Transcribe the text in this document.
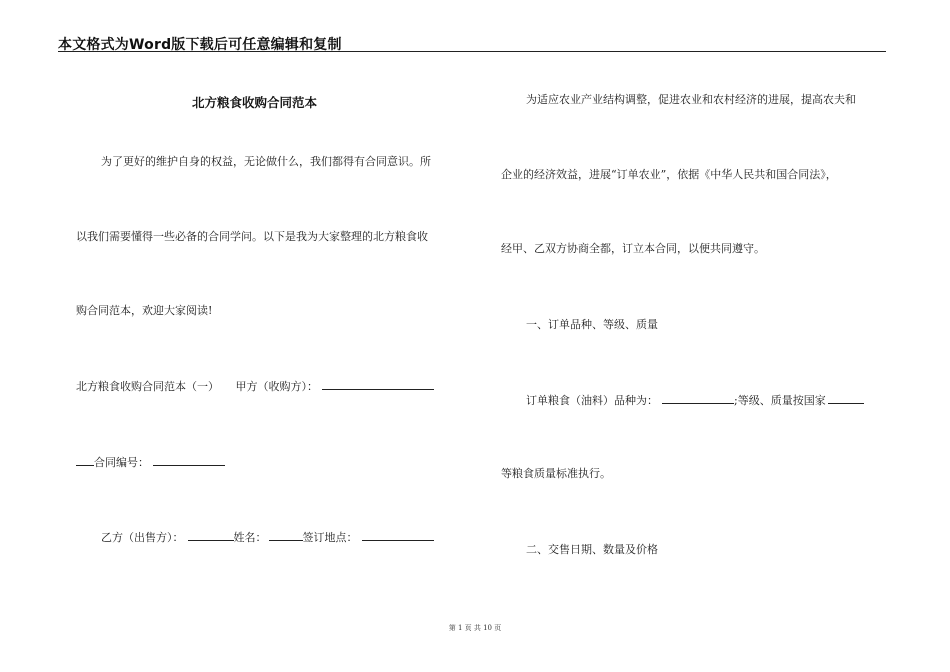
本文格式为Word版下载后可任意编辑和复制
北方粮食收购合同范本
为了更好的维护自身的权益，无论做什么，我们都得有合同意识。所
以我们需要懂得一些必备的合同学问。以下是我为大家整理的北方粮食收
购合同范本，欢迎大家阅读!
北方粮食收购合同范本（一）　　甲方（收购方）：
合同编号：
乙方（出售方）：	姓名：	签订地点：
为适应农业产业结构调整，促进农业和农村经济的进展，提高农夫和
企业的经济效益，进展“订单农业”，依据《中华人民共和国合同法》，
经甲、乙双方协商全都，订立本合同，以便共同遵守。
一、订单品种、等级、质量
订单粮食（油料）品种为：	;等级、质量按国家
等粮食质量标准执行。
二、交售日期、数量及价格
第 1 页 共 10 页
